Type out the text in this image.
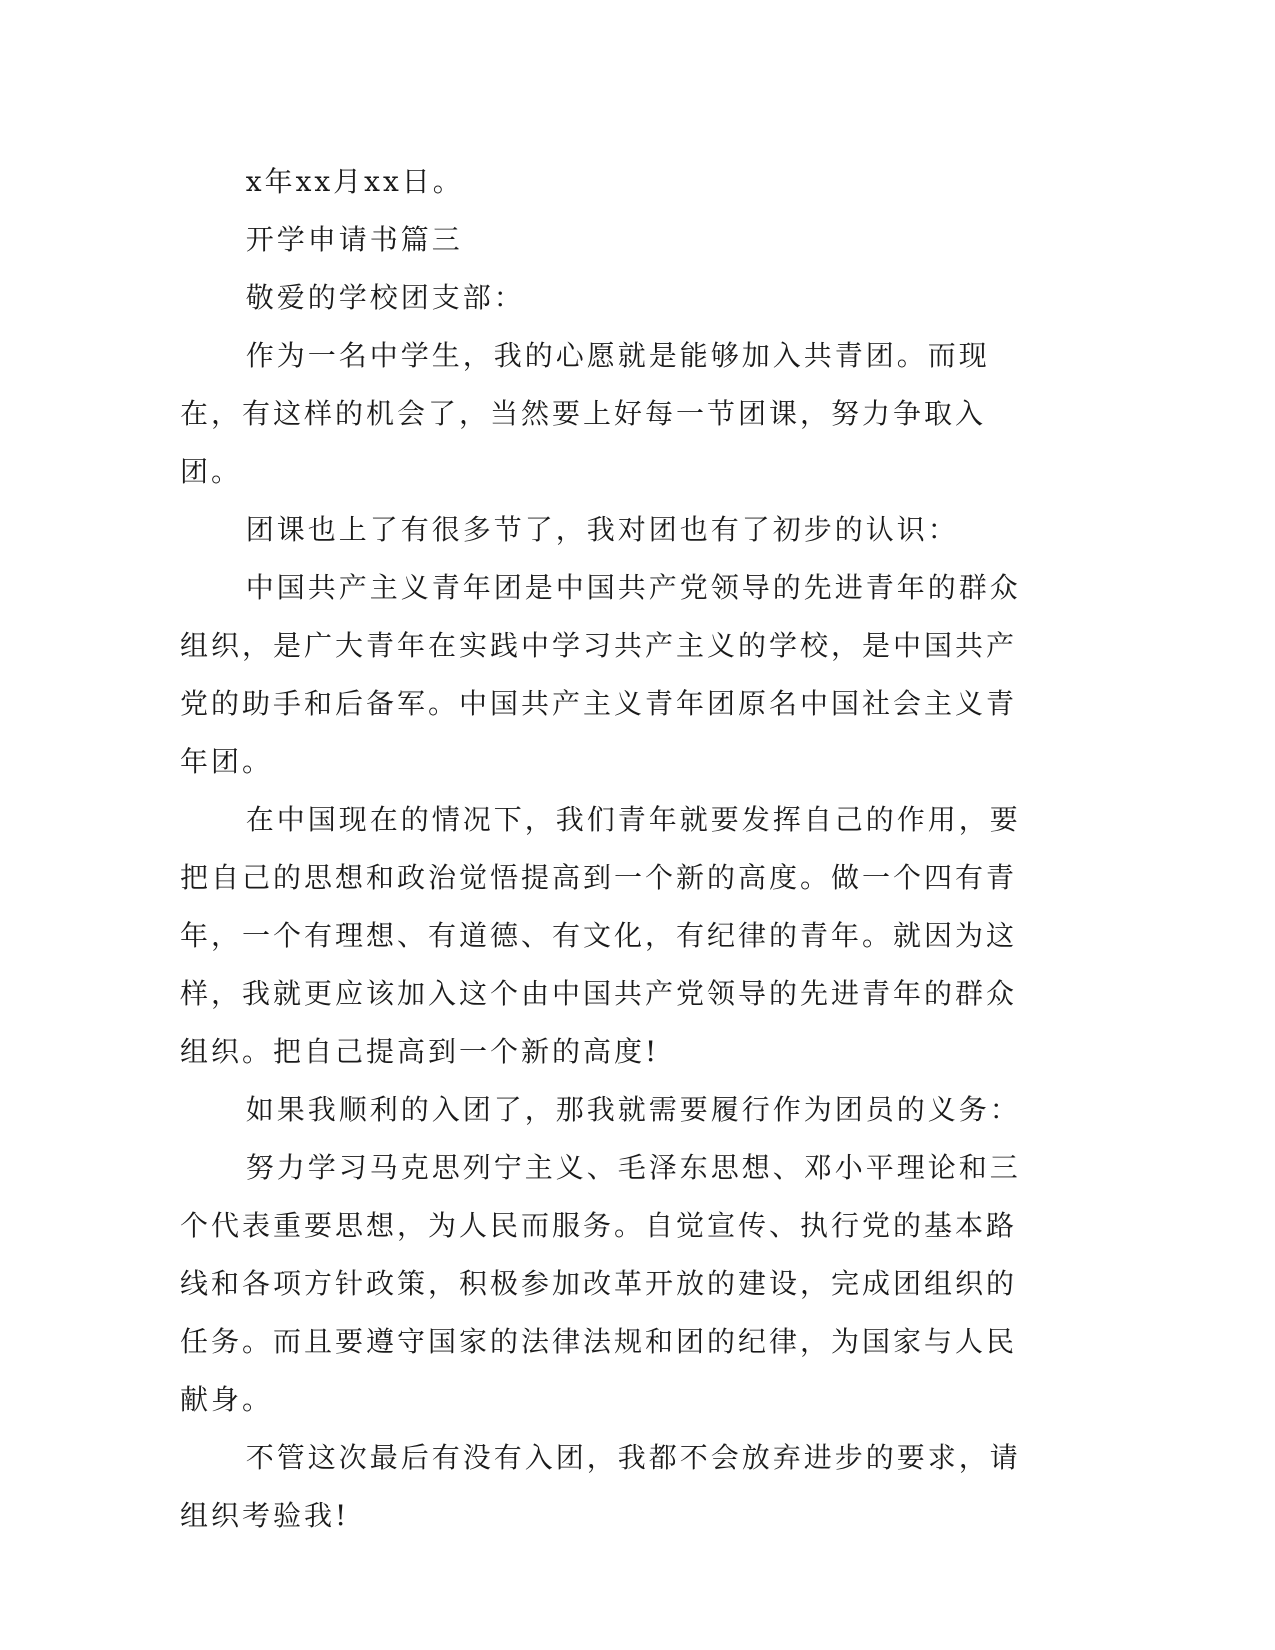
x年xx月xx日。

开学申请书篇三

敬爱的学校团支部：

作为一名中学生，我的心愿就是能够加入共青团。而现在，有这样的机会了，当然要上好每一节团课，努力争取入团。

团课也上了有很多节了，我对团也有了初步的认识：

中国共产主义青年团是中国共产党领导的先进青年的群众组织，是广大青年在实践中学习共产主义的学校，是中国共产党的助手和后备军。中国共产主义青年团原名中国社会主义青年团。

在中国现在的情况下，我们青年就要发挥自己的作用，要把自己的思想和政治觉悟提高到一个新的高度。做一个四有青年，一个有理想、有道德、有文化，有纪律的青年。就因为这样，我就更应该加入这个由中国共产党领导的先进青年的群众组织。把自己提高到一个新的高度!

如果我顺利的入团了，那我就需要履行作为团员的义务：

努力学习马克思列宁主义、毛泽东思想、邓小平理论和三个代表重要思想，为人民而服务。自觉宣传、执行党的基本路线和各项方针政策，积极参加改革开放的建设，完成团组织的任务。而且要遵守国家的法律法规和团的纪律，为国家与人民献身。

不管这次最后有没有入团，我都不会放弃进步的要求，请组织考验我!
